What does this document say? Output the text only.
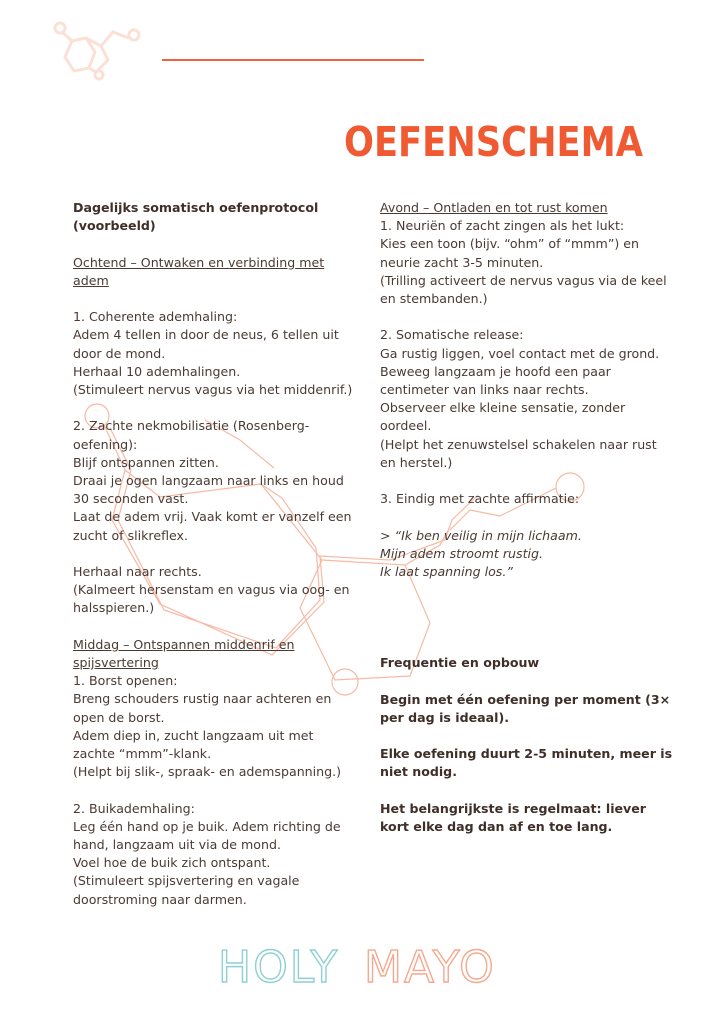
OEFENSCHEMA
Dagelijks somatisch oefenprotocol
(voorbeeld)
Ochtend – Ontwaken en verbinding met
adem
1. Coherente ademhaling:
Adem 4 tellen in door de neus, 6 tellen uit
door de mond.
Herhaal 10 ademhalingen.
(Stimuleert nervus vagus via het middenrif.)
2. Zachte nekmobilisatie (Rosenberg-
oefening):
Blijf ontspannen zitten.
Draai je ogen langzaam naar links en houd
30 seconden vast.
Laat de adem vrij. Vaak komt er vanzelf een
zucht of slikreflex.
Herhaal naar rechts.
(Kalmeert hersenstam en vagus via oog- en
halsspieren.)
Middag – Ontspannen middenrif en
spijsvertering
1. Borst openen:
Breng schouders rustig naar achteren en
open de borst.
Adem diep in, zucht langzaam uit met
zachte “mmm”-klank.
(Helpt bij slik-, spraak- en ademspanning.)
2. Buikademhaling:
Leg één hand op je buik. Adem richting de
hand, langzaam uit via de mond.
Voel hoe de buik zich ontspant.
(Stimuleert spijsvertering en vagale
doorstroming naar darmen.
Avond – Ontladen en tot rust komen
1. Neuriën of zacht zingen als het lukt:
Kies een toon (bijv. “ohm” of “mmm”) en
neurie zacht 3-5 minuten.
(Trilling activeert de nervus vagus via de keel
en stembanden.)
2. Somatische release:
Ga rustig liggen, voel contact met de grond.
Beweeg langzaam je hoofd een paar
centimeter van links naar rechts.
Observeer elke kleine sensatie, zonder
oordeel.
(Helpt het zenuwstelsel schakelen naar rust
en herstel.)
3. Eindig met zachte affirmatie:
> “Ik ben veilig in mijn lichaam.
Mijn adem stroomt rustig.
Ik laat spanning los.”
Frequentie en opbouw
Begin met één oefening per moment (3×
per dag is ideaal).
Elke oefening duurt 2-5 minuten, meer is
niet nodig.
Het belangrijkste is regelmaat: liever
kort elke dag dan af en toe lang.
HOLY MAYO
